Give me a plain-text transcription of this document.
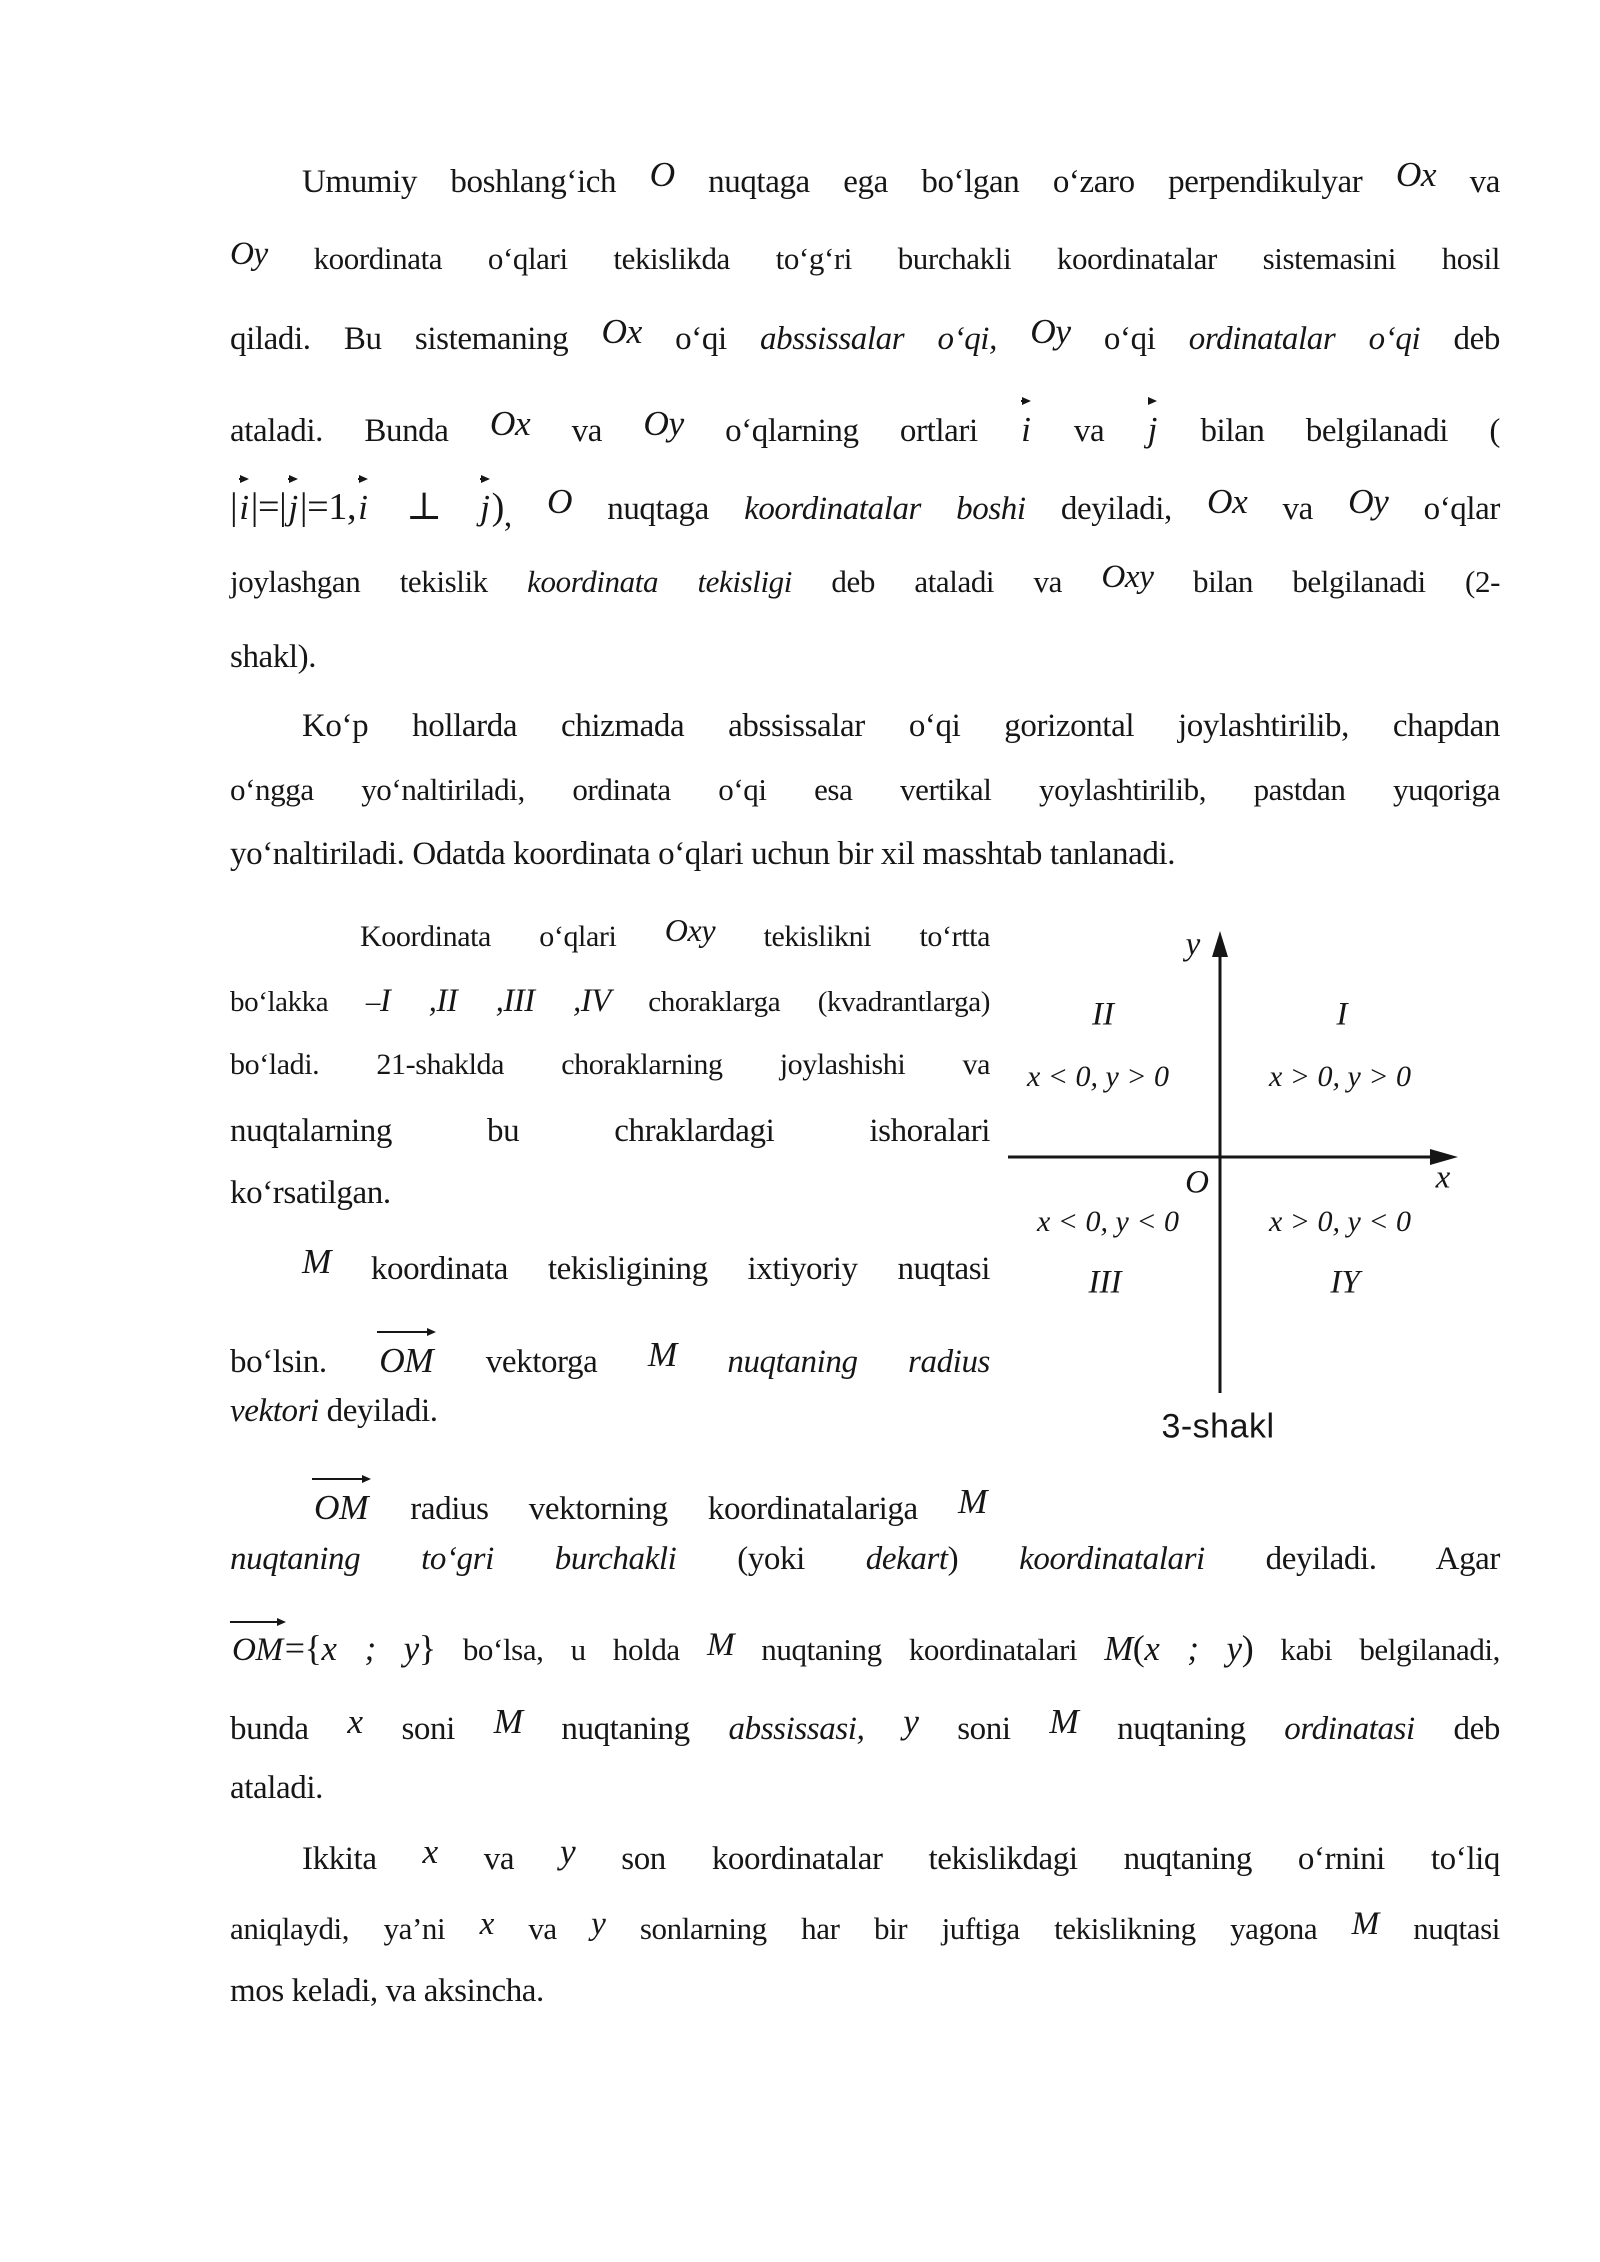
Umumiy boshlang‘ich O nuqtaga ega bo‘lgan o‘zaro perpendikulyar Ox va
Oy koordinata o‘qlari tekislikda to‘g‘ri burchakli koordinatalar sistemasini hosil
qiladi. Bu sistemaning Ox o‘qi abssissalar o‘qi, Oy o‘qi ordinatalar o‘qi deb
ataladi. Bunda Ox va Oy o‘qlarning ortlari
i va
j bilan belgilanadi (
|
i|=|
j|=1,
i ⊥
j), O nuqtaga koordinatalar boshi deyiladi, Ox va Oy o‘qlar
joylashgan tekislik koordinata tekisligi deb ataladi va Oxy bilan belgilanadi (2-
shakl).
Ko‘p hollarda chizmada abssissalar o‘qi gorizontal joylashtirilib, chapdan
o‘ngga yo‘naltiriladi, ordinata o‘qi esa vertikal yoylashtirilib, pastdan yuqoriga
yo‘naltiriladi. Odatda koordinata o‘qlari uchun bir xil masshtab tanlanadi.
Koordinata o‘qlari Oxy tekislikni to‘rtta
bo‘lakka –I ,II ,III ,IV choraklarga (kvadrantlarga)
bo‘ladi. 21-shaklda choraklarning joylashishi va
nuqtalarning bu chraklardagi ishoralari
ko‘rsatilgan.
M koordinata tekisligining ixtiyoriy nuqtasi
bo‘lsin.
OM vektorga M nuqtaning radius
vektori deyiladi.
OM radius vektorning koordinatalariga M
nuqtaning to‘gri burchakli (yoki dekart) koordinatalari deyiladi. Agar
OM={x ; y} bo‘lsa, u holda M nuqtaning koordinatalari M(x ; y) kabi belgilanadi,
bunda x soni M nuqtaning abssissasi, y soni M nuqtaning ordinatasi deb
ataladi.
Ikkita x va y son koordinatalar tekislikdagi nuqtaning o‘rnini to‘liq
aniqlaydi, ya’ni x va y sonlarning har bir juftiga tekislikning yagona M nuqtasi
mos keladi, va aksincha.
y
x
O
II	I
x < 0, y > 0	x > 0, y > 0
x < 0, y < 0	x > 0, y < 0
III	IY
3-shakl
